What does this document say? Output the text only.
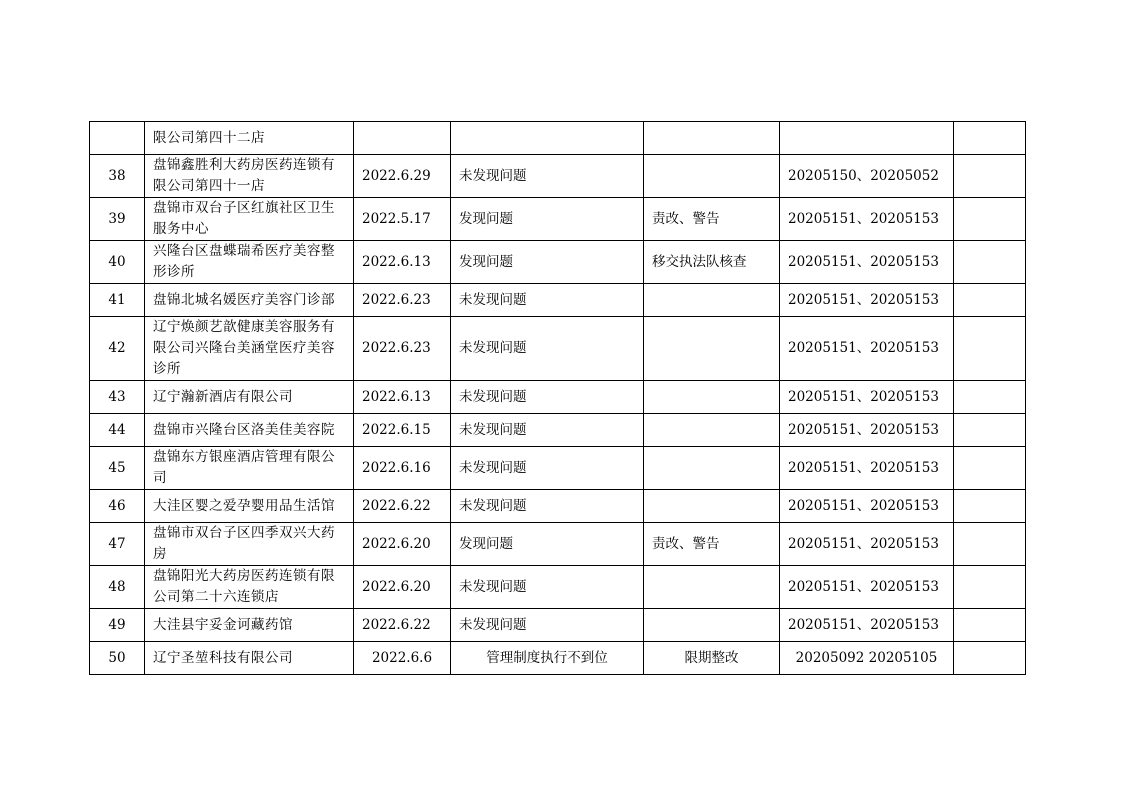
	限公司第四十二店					
38	盘锦鑫胜利大药房医药连锁有限公司第四十一店	2022.6.29	未发现问题		20205150、20205052	
39	盘锦市双台子区红旗社区卫生服务中心	2022.5.17	发现问题	责改、警告	20205151、20205153	
40	兴隆台区盘蝶瑞希医疗美容整形诊所	2022.6.13	发现问题	移交执法队核查	20205151、20205153	
41	盘锦北城名媛医疗美容门诊部	2022.6.23	未发现问题		20205151、20205153	
42	辽宁焕颜艺歆健康美容服务有限公司兴隆台美涵堂医疗美容诊所	2022.6.23	未发现问题		20205151、20205153	
43	辽宁瀚新酒店有限公司	2022.6.13	未发现问题		20205151、20205153	
44	盘锦市兴隆台区洛美佳美容院	2022.6.15	未发现问题		20205151、20205153	
45	盘锦东方银座酒店管理有限公司	2022.6.16	未发现问题		20205151、20205153	
46	大洼区婴之爱孕婴用品生活馆	2022.6.22	未发现问题		20205151、20205153	
47	盘锦市双台子区四季双兴大药房	2022.6.20	发现问题	责改、警告	20205151、20205153	
48	盘锦阳光大药房医药连锁有限公司第二十六连锁店	2022.6.20	未发现问题		20205151、20205153	
49	大洼县宇妥金诃藏药馆	2022.6.22	未发现问题		20205151、20205153	
50	辽宁圣堃科技有限公司	2022.6.6	管理制度执行不到位	限期整改	20205092 20205105	
